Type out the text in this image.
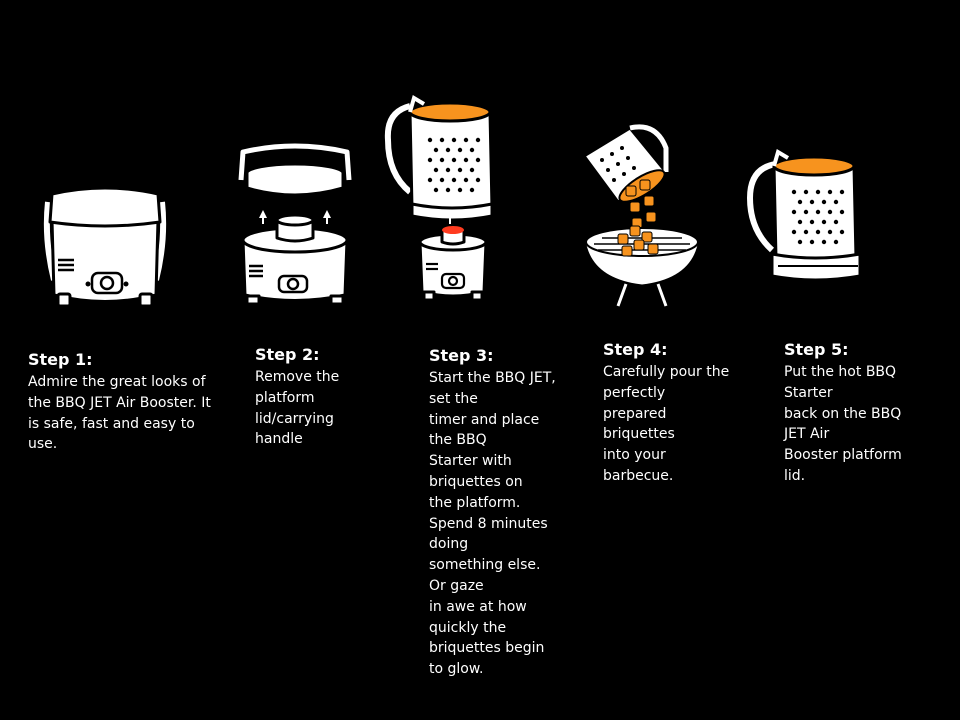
Step 1:
Admire the great looks of
the BBQ JET Air Booster. It
is safe, fast and easy to
use.
Step 2:
Remove the
platform
lid/carrying
handle
Step 3:
Start the BBQ JET,
set the
timer and place
the BBQ
Starter with
briquettes on
the platform.
Spend 8 minutes
doing
something else.
Or gaze
in awe at how
quickly the
briquettes begin
to glow.
Step 4:
Carefully pour the
perfectly
prepared
briquettes
into your
barbecue.
Step 5:
Put the hot BBQ
Starter
back on the BBQ
JET Air
Booster platform
lid.
